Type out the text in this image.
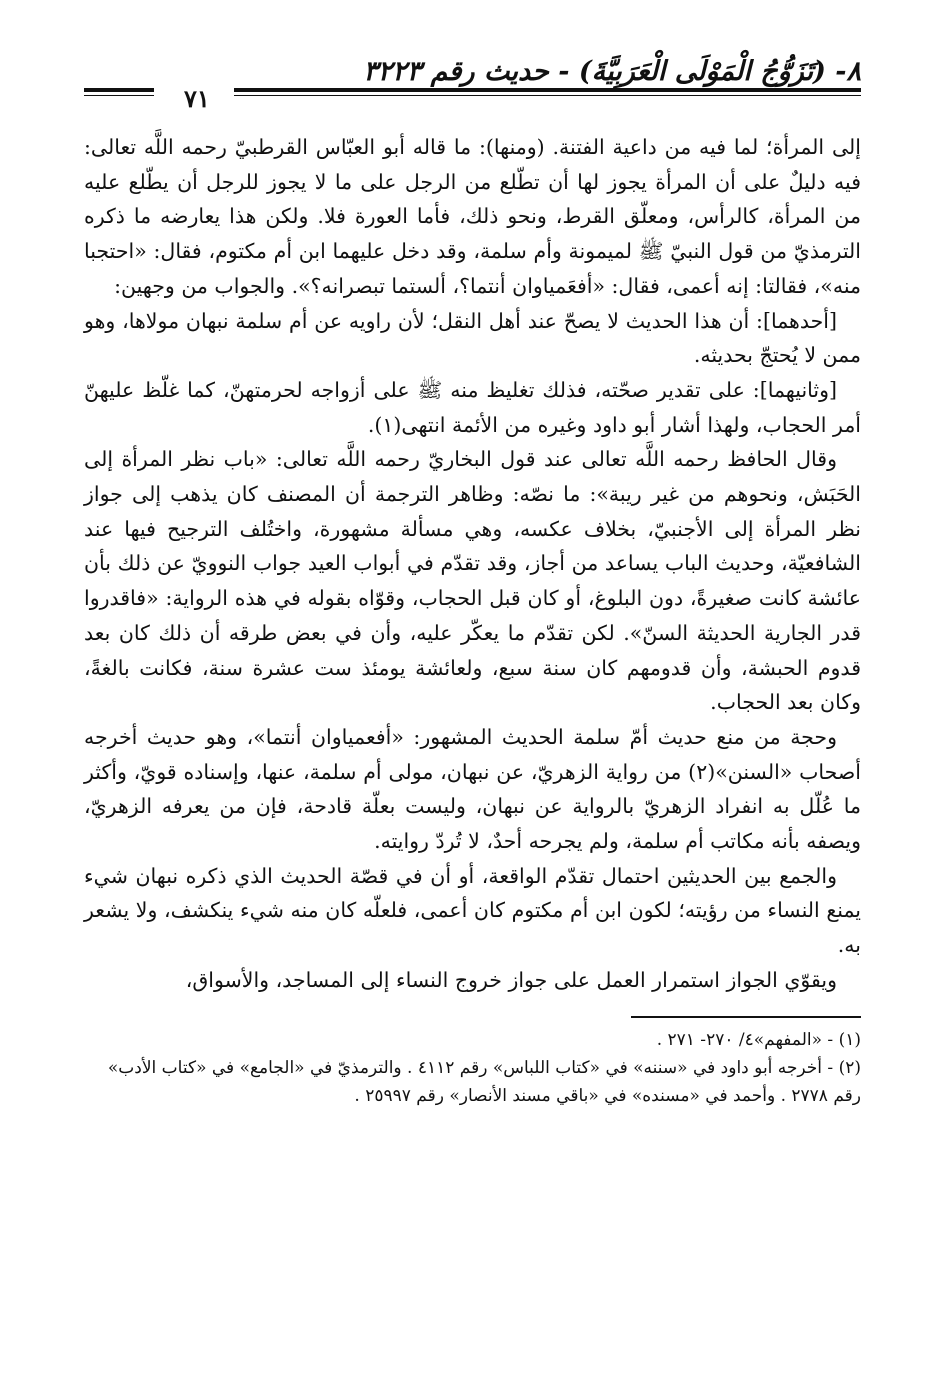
٨- (تَزَوُّجُ الْمَوْلَى الْعَرَبِيَّةَ) - حديث رقم ٣٢٢٣
٧١

إلى المرأة؛ لما فيه من داعية الفتنة. (ومنها): ما قاله أبو العبّاس القرطبيّ رحمه اللَّه تعالى: فيه دليلٌ على أن المرأة يجوز لها أن تطّلع من الرجل على ما لا يجوز للرجل أن يطّلع عليه من المرأة، كالرأس، ومعلّق القرط، ونحو ذلك، فأما العورة فلا. ولكن هذا يعارضه ما ذكره الترمذيّ من قول النبيّ ﷺ لميمونة وأم سلمة، وقد دخل عليهما ابن أم مكتوم، فقال: «احتجبا منه»، فقالتا: إنه أعمى، فقال: «أفعَمياوان أنتما؟، ألستما تبصرانه؟». والجواب من وجهين:

[أحدهما]: أن هذا الحديث لا يصحّ عند أهل النقل؛ لأن راويه عن أم سلمة نبهان مولاها، وهو ممن لا يُحتجّ بحديثه.

[وثانيهما]: على تقدير صحّته، فذلك تغليظ منه ﷺ على أزواجه لحرمتهنّ، كما غلّظ عليهنّ أمر الحجاب، ولهذا أشار أبو داود وغيره من الأئمة انتهى(١).

وقال الحافظ رحمه اللَّه تعالى عند قول البخاريّ رحمه اللَّه تعالى: «باب نظر المرأة إلى الحَبَش، ونحوهم من غير ريبة»: ما نصّه: وظاهر الترجمة أن المصنف كان يذهب إلى جواز نظر المرأة إلى الأجنبيّ، بخلاف عكسه، وهي مسألة مشهورة، واختُلف الترجيح فيها عند الشافعيّة، وحديث الباب يساعد من أجاز، وقد تقدّم في أبواب العيد جواب النوويّ عن ذلك بأن عائشة كانت صغيرةً، دون البلوغ، أو كان قبل الحجاب، وقوّاه بقوله في هذه الرواية: «فاقدروا قدر الجارية الحديثة السنّ». لكن تقدّم ما يعكّر عليه، وأن في بعض طرقه أن ذلك كان بعد قدوم الحبشة، وأن قدومهم كان سنة سبع، ولعائشة يومئذ ست عشرة سنة، فكانت بالغةً، وكان بعد الحجاب.

وحجة من منع حديث أمّ سلمة الحديث المشهور: «أفعمياوان أنتما»، وهو حديث أخرجه أصحاب «السنن»(٢) من رواية الزهريّ، عن نبهان، مولى أم سلمة، عنها، وإسناده قويّ، وأكثر ما عُلّل به انفراد الزهريّ بالرواية عن نبهان، وليست بعلّة قادحة، فإن من يعرفه الزهريّ، ويصفه بأنه مكاتب أم سلمة، ولم يجرحه أحدٌ، لا تُردّ روايته.

والجمع بين الحديثين احتمال تقدّم الواقعة، أو أن في قصّة الحديث الذي ذكره نبهان شيء يمنع النساء من رؤيته؛ لكون ابن أم مكتوم كان أعمى، فلعلّه كان منه شيء ينكشف، ولا يشعر به.

ويقوّي الجواز استمرار العمل على جواز خروج النساء إلى المساجد، والأسواق،

(١) - «المفهم»٤/ ٢٧٠- ٢٧١ .

(٢) - أخرجه أبو داود في «سننه» في «كتاب اللباس» رقم ٤١١٢ . والترمذيّ في «الجامع» في «كتاب الأدب» رقم ٢٧٧٨ . وأحمد في «مسنده» في «باقي مسند الأنصار» رقم ٢٥٩٩٧ .
